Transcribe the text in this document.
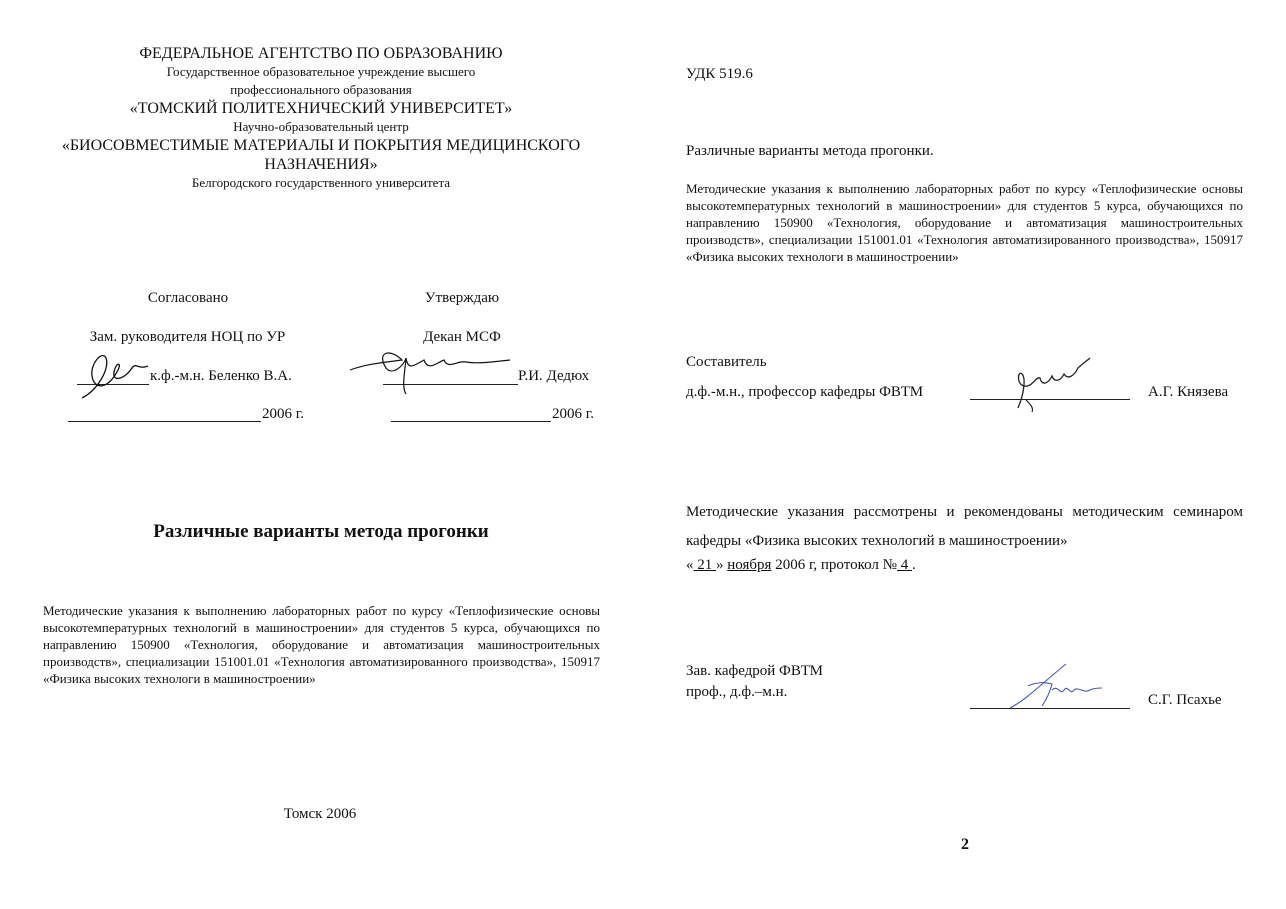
ФЕДЕРАЛЬНОЕ АГЕНТСТВО ПО ОБРАЗОВАНИЮ
Государственное образовательное учреждение высшего
профессионального образования
«ТОМСКИЙ ПОЛИТЕХНИЧЕСКИЙ УНИВЕРСИТЕТ»
Научно-образовательный центр
«БИОСОВМЕСТИМЫЕ МАТЕРИАЛЫ И ПОКРЫТИЯ МЕДИЦИНСКОГО
НАЗНАЧЕНИЯ»
Белгородского государственного университета
Согласовано
Зам. руководителя НОЦ по УР
к.ф.-м.н. Беленко В.А.
2006 г.
Утверждаю
Декан МСФ
Р.И. Дедюх
2006 г.
Различные варианты метода прогонки
Методические указания к выполнению лабораторных работ по курсу «Теплофизические основы высокотемпературных технологий в машиностроении» для студентов 5 курса, обучающихся по направлению 150900 «Технология, оборудование и автоматизация машиностроительных производств», специализации 151001.01 «Технология автоматизированного производства», 150917 «Физика высоких технологи в машиностроении»
Томск 2006
УДК 519.6
Различные варианты метода прогонки.
Методические указания к выполнению лабораторных работ по курсу «Теплофизические основы высокотемпературных технологий в машиностроении» для студентов 5 курса, обучающихся по направлению 150900 «Технология, оборудование и автоматизация машиностроительных производств», специализации 151001.01 «Технология автоматизированного производства», 150917 «Физика высоких технологи в машиностроении»
Составитель
д.ф.-м.н., профессор кафедры ФВТМ	А.Г. Князева
Методические указания рассмотрены и рекомендованы методическим семинаром кафедры «Физика высоких технологий в машиностроении»
« 21 » ноября 2006 г, протокол № 4 .
Зав. кафедрой ФВТМ
проф., д.ф.–м.н.	С.Г. Псахье
2
